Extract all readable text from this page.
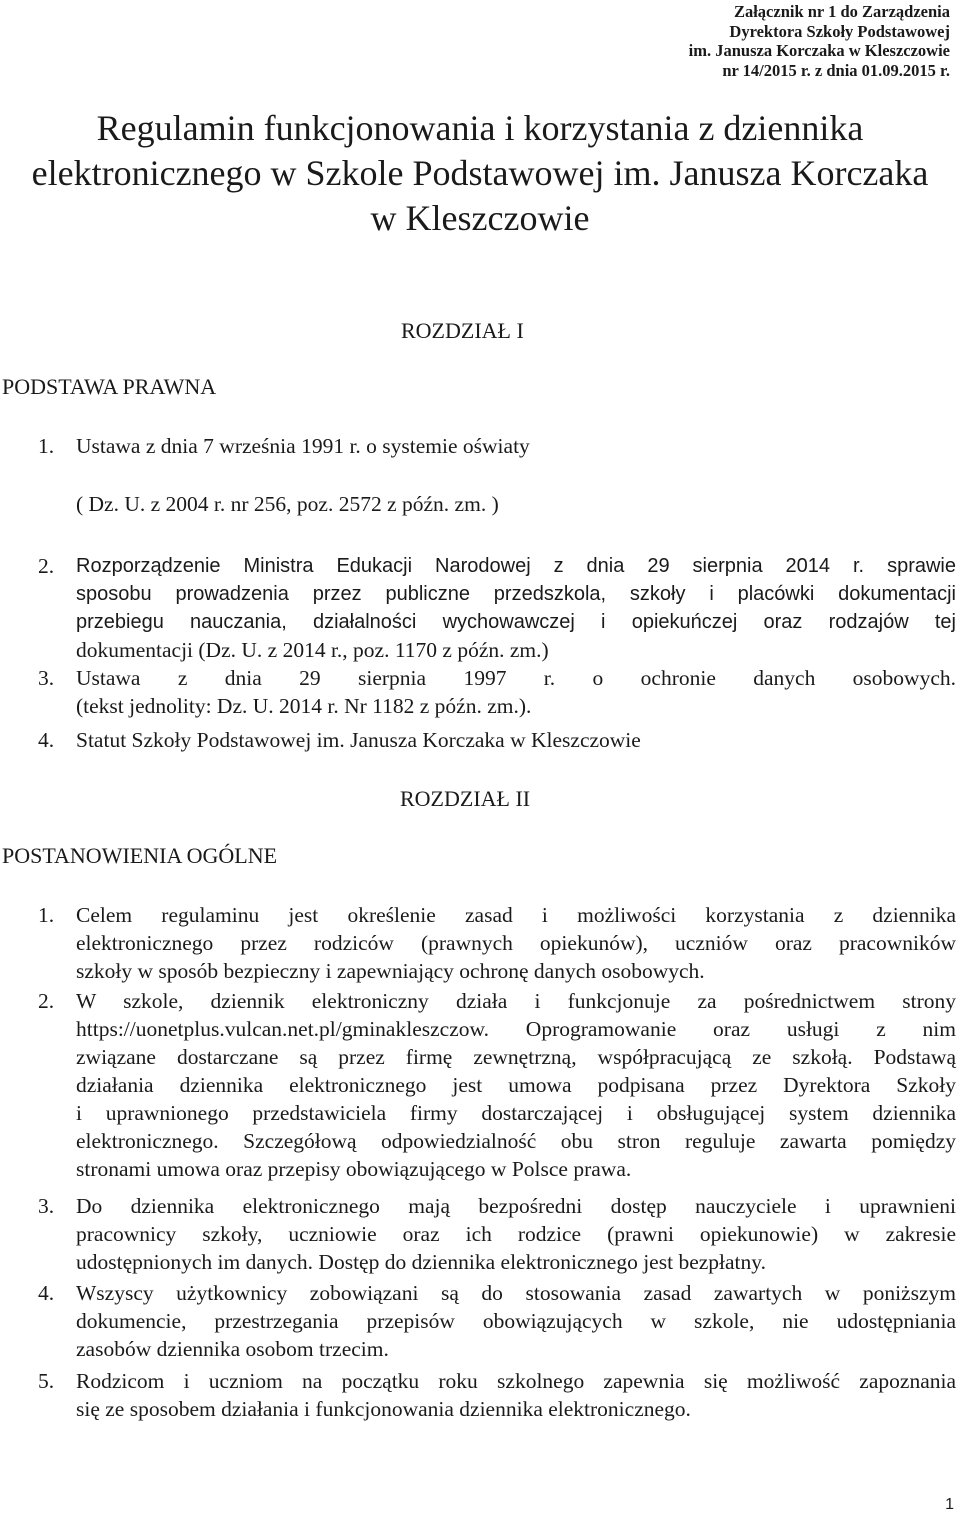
Załącznik nr 1 do Zarządzenia
Dyrektora Szkoły Podstawowej
im. Janusza Korczaka w Kleszczowie
nr 14/2015 r. z dnia 01.09.2015 r.
Regulamin funkcjonowania i korzystania z dziennika
elektronicznego w Szkole Podstawowej im. Janusza Korczaka
w Kleszczowie
ROZDZIAŁ I
PODSTAWA PRAWNA
1. Ustawa z dnia 7 września 1991 r. o systemie oświaty
( Dz. U. z 2004 r. nr 256, poz. 2572 z późn. zm. )
2. Rozporządzenie Ministra Edukacji Narodowej z dnia 29 sierpnia 2014 r. sprawie
sposobu prowadzenia przez publiczne przedszkola, szkoły i placówki dokumentacji
przebiegu nauczania, działalności wychowawczej i opiekuńczej oraz rodzajów tej
dokumentacji (Dz. U. z 2014 r., poz. 1170 z późn. zm.)
3. Ustawa z dnia 29 sierpnia 1997 r. o ochronie danych osobowych.
(tekst jednolity: Dz. U. 2014 r. Nr 1182 z późn. zm.).
4. Statut Szkoły Podstawowej im. Janusza Korczaka w Kleszczowie
ROZDZIAŁ II
POSTANOWIENIA OGÓLNE
1. Celem regulaminu jest określenie zasad i możliwości korzystania z dziennika
elektronicznego przez rodziców (prawnych opiekunów), uczniów oraz pracowników
szkoły w sposób bezpieczny i zapewniający ochronę danych osobowych.
2. W szkole, dziennik elektroniczny działa i funkcjonuje za pośrednictwem strony
https://uonetplus.vulcan.net.pl/gminakleszczow. Oprogramowanie oraz usługi z nim
związane dostarczane są przez firmę zewnętrzną, współpracującą ze szkołą. Podstawą
działania dziennika elektronicznego jest umowa podpisana przez Dyrektora Szkoły
i uprawnionego przedstawiciela firmy dostarczającej i obsługującej system dziennika
elektronicznego. Szczegółową odpowiedzialność obu stron reguluje zawarta pomiędzy
stronami umowa oraz przepisy obowiązującego w Polsce prawa.
3. Do dziennika elektronicznego mają bezpośredni dostęp nauczyciele i uprawnieni
pracownicy szkoły, uczniowie oraz ich rodzice (prawni opiekunowie) w zakresie
udostępnionych im danych. Dostęp do dziennika elektronicznego jest bezpłatny.
4. Wszyscy użytkownicy zobowiązani są do stosowania zasad zawartych w poniższym
dokumencie, przestrzegania przepisów obowiązujących w szkole, nie udostępniania
zasobów dziennika osobom trzecim.
5. Rodzicom i uczniom na początku roku szkolnego zapewnia się możliwość zapoznania
się ze sposobem działania i funkcjonowania dziennika elektronicznego.
1
